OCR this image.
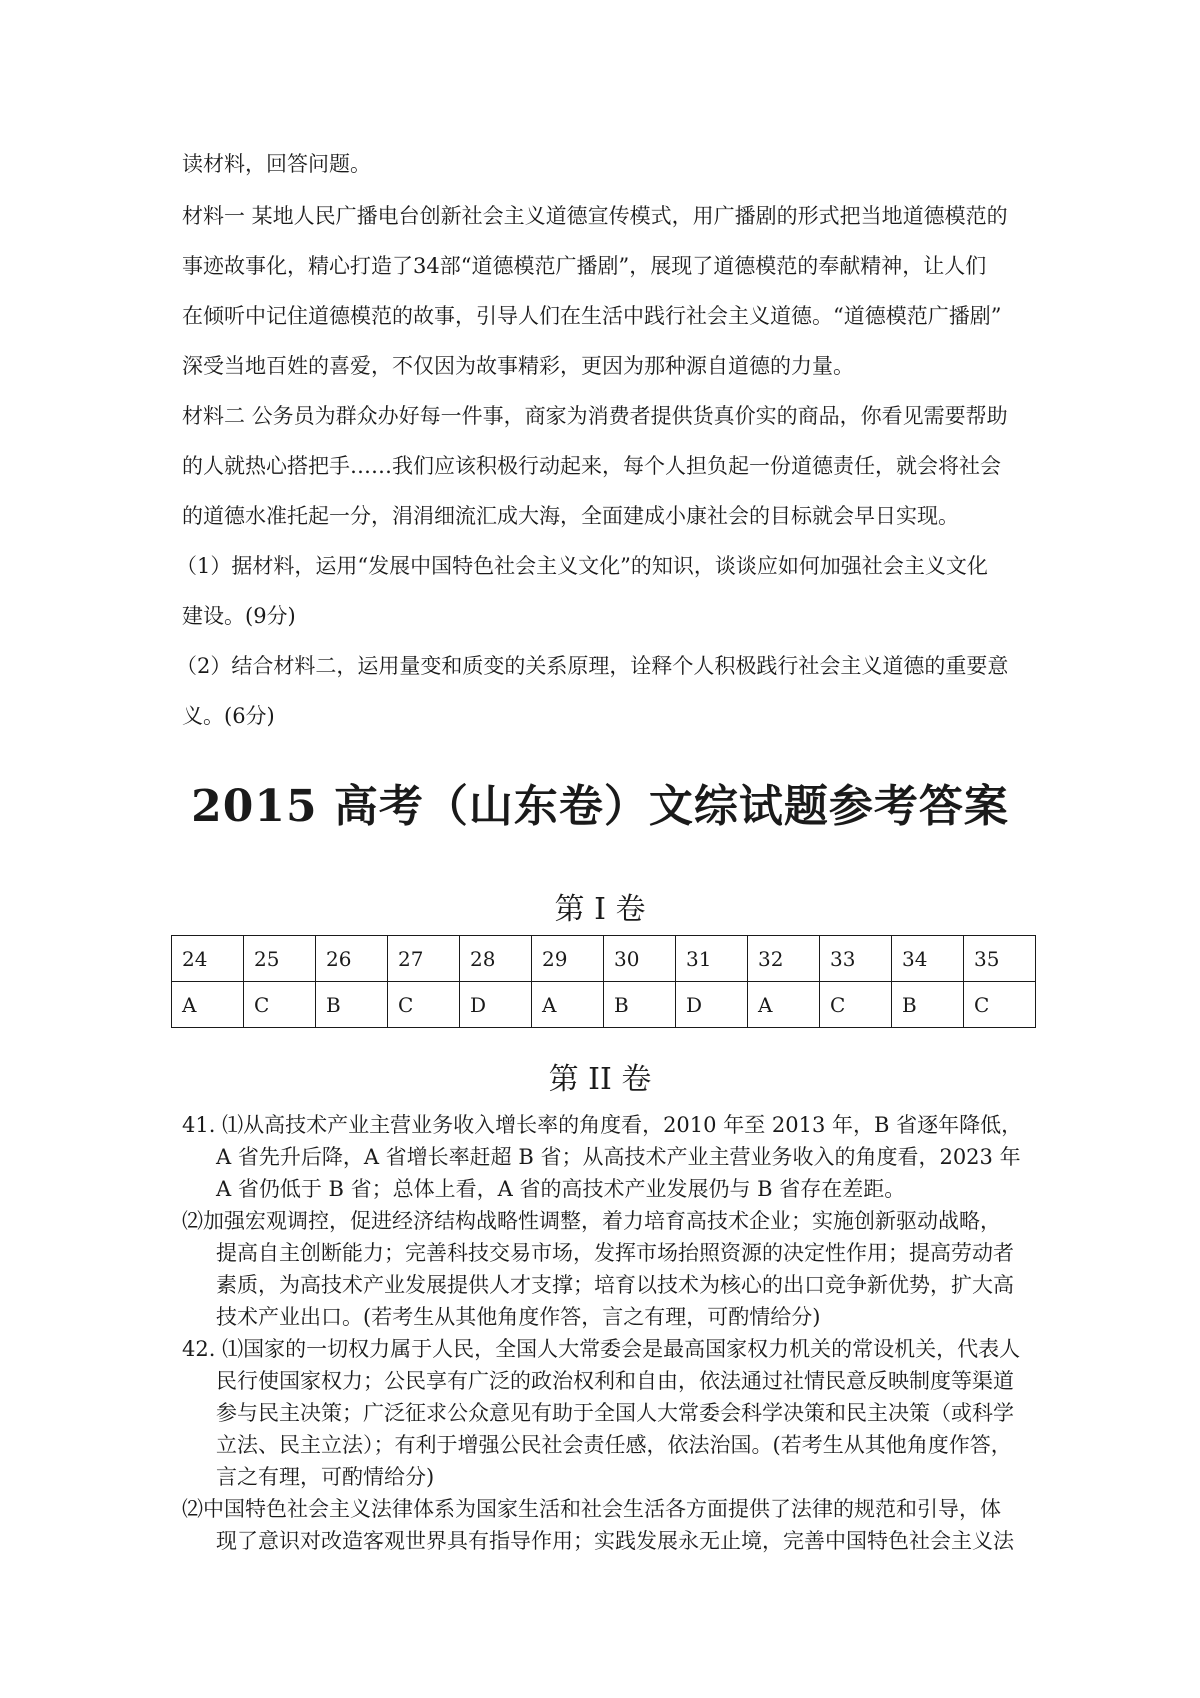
读材料，回答问题。
材料一 某地人民广播电台创新社会主义道德宣传模式，用广播剧的形式把当地道德模范的
事迹故事化，精心打造了34部“道德模范广播剧”，展现了道德模范的奉献精神，让人们
在倾听中记住道德模范的故事，引导人们在生活中践行社会主义道德。“道德模范广播剧”
深受当地百姓的喜爱，不仅因为故事精彩，更因为那种源自道德的力量。
材料二 公务员为群众办好每一件事，商家为消费者提供货真价实的商品，你看见需要帮助
的人就热心搭把手……我们应该积极行动起来，每个人担负起一份道德责任，就会将社会
的道德水准托起一分，涓涓细流汇成大海，全面建成小康社会的目标就会早日实现。
（1）据材料，运用“发展中国特色社会主义文化”的知识，谈谈应如何加强社会主义文化
建设。(9分)
（2）结合材料二，运用量变和质变的关系原理，诠释个人积极践行社会主义道德的重要意
义。(6分)
2015 高考（山东卷）文综试题参考答案
第 I 卷
24	25	26	27	28	29	30	31	32	33	34	35
A	C	B	C	D	A	B	D	A	C	B	C
第 II 卷
41. ⑴从高技术产业主营业务收入增长率的角度看，2010 年至 2013 年，B 省逐年降低，
A 省先升后降，A 省增长率赶超 B 省；从高技术产业主营业务收入的角度看，2023 年
A 省仍低于 B 省；总体上看，A 省的高技术产业发展仍与 B 省存在差距。
⑵加强宏观调控，促进经济结构战略性调整，着力培育高技术企业；实施创新驱动战略，
提高自主创断能力；完善科技交易市场，发挥市场抬照资源的决定性作用；提高劳动者
素质，为高技术产业发展提供人才支撑；培育以技术为核心的出口竞争新优势，扩大高
技术产业出口。(若考生从其他角度作答，言之有理，可酌情给分)
42. ⑴国家的一切权力属于人民，全国人大常委会是最高国家权力机关的常设机关，代表人
民行使国家权力；公民享有广泛的政治权利和自由，依法通过社情民意反映制度等渠道
参与民主决策；广泛征求公众意见有助于全国人大常委会科学决策和民主决策（或科学
立法、民主立法）；有利于增强公民社会责任感，依法治国。(若考生从其他角度作答，
言之有理，可酌情给分)
⑵中国特色社会主义法律体系为国家生活和社会生活各方面提供了法律的规范和引导，体
现了意识对改造客观世界具有指导作用；实践发展永无止境，完善中国特色社会主义法
